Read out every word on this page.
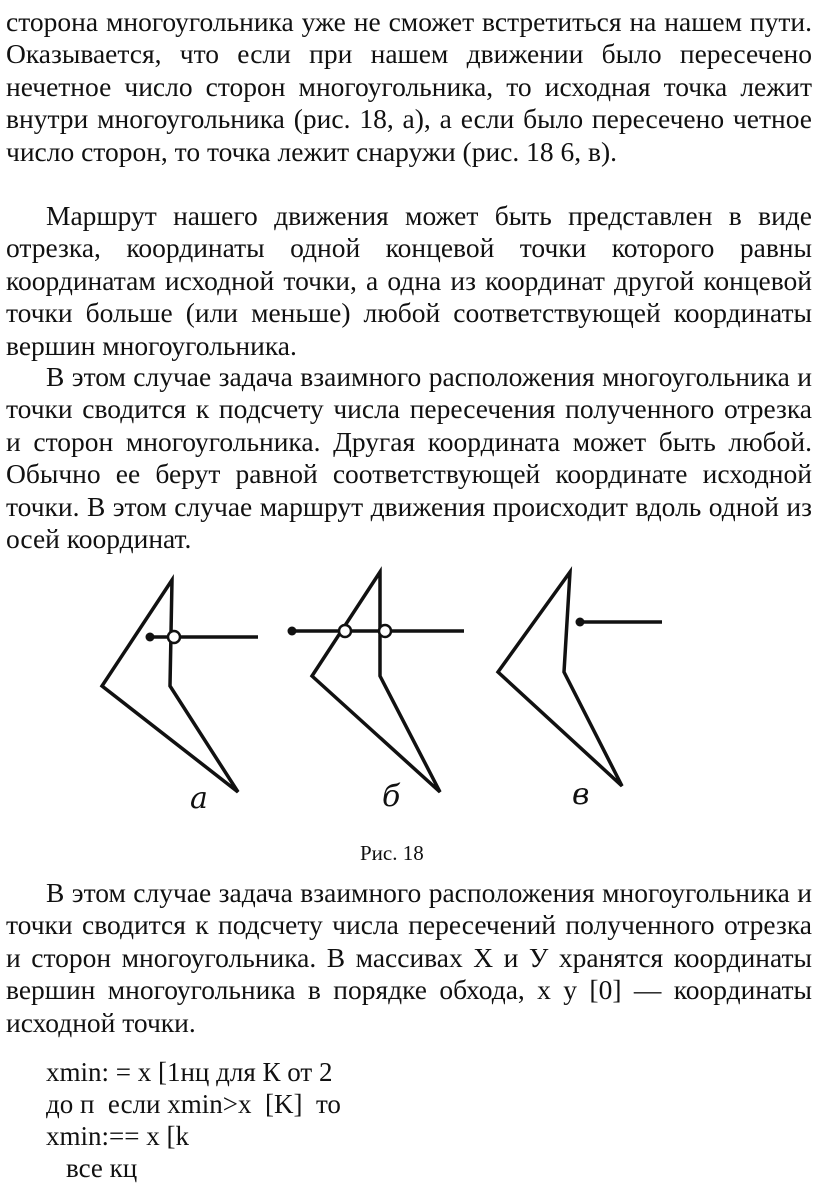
сторона многоугольника уже не сможет встретиться на нашем пути. Оказывается, что если при нашем движении было пересечено нечетное число сторон многоугольника, то исходная точка лежит внутри многоугольника (рис. 18, а), а если было пересечено четное число сторон, то точка лежит снаружи (рис. 18 6, в).

Маршрут нашего движения может быть представлен в виде отрезка, координаты одной концевой точки которого равны координатам исходной точки, а одна из координат другой концевой точки больше (или меньше) любой соответствующей координаты вершин многоугольника.

В этом случае задача взаимного расположения многоугольника и точки сводится к подсчету числа пересечения полученного отрезка и сторон многоугольника. Другая координата может быть любой. Обычно ее берут равной соответствующей координате исходной точки. В этом случае маршрут движения происходит вдоль одной из осей координат.

а	б	в
Рис. 18

В этом случае задача взаимного расположения многоугольника и точки сводится к подсчету числа пересечений полученного отрезка и сторон многоугольника. В массивах X и У хранятся координаты вершин многоугольника в порядке обхода, х у [0] — координаты исходной точки.

xmin: = x [1нц для К от 2
до п  если xmin>x  [K]  то
xmin:== x [k
все кц
